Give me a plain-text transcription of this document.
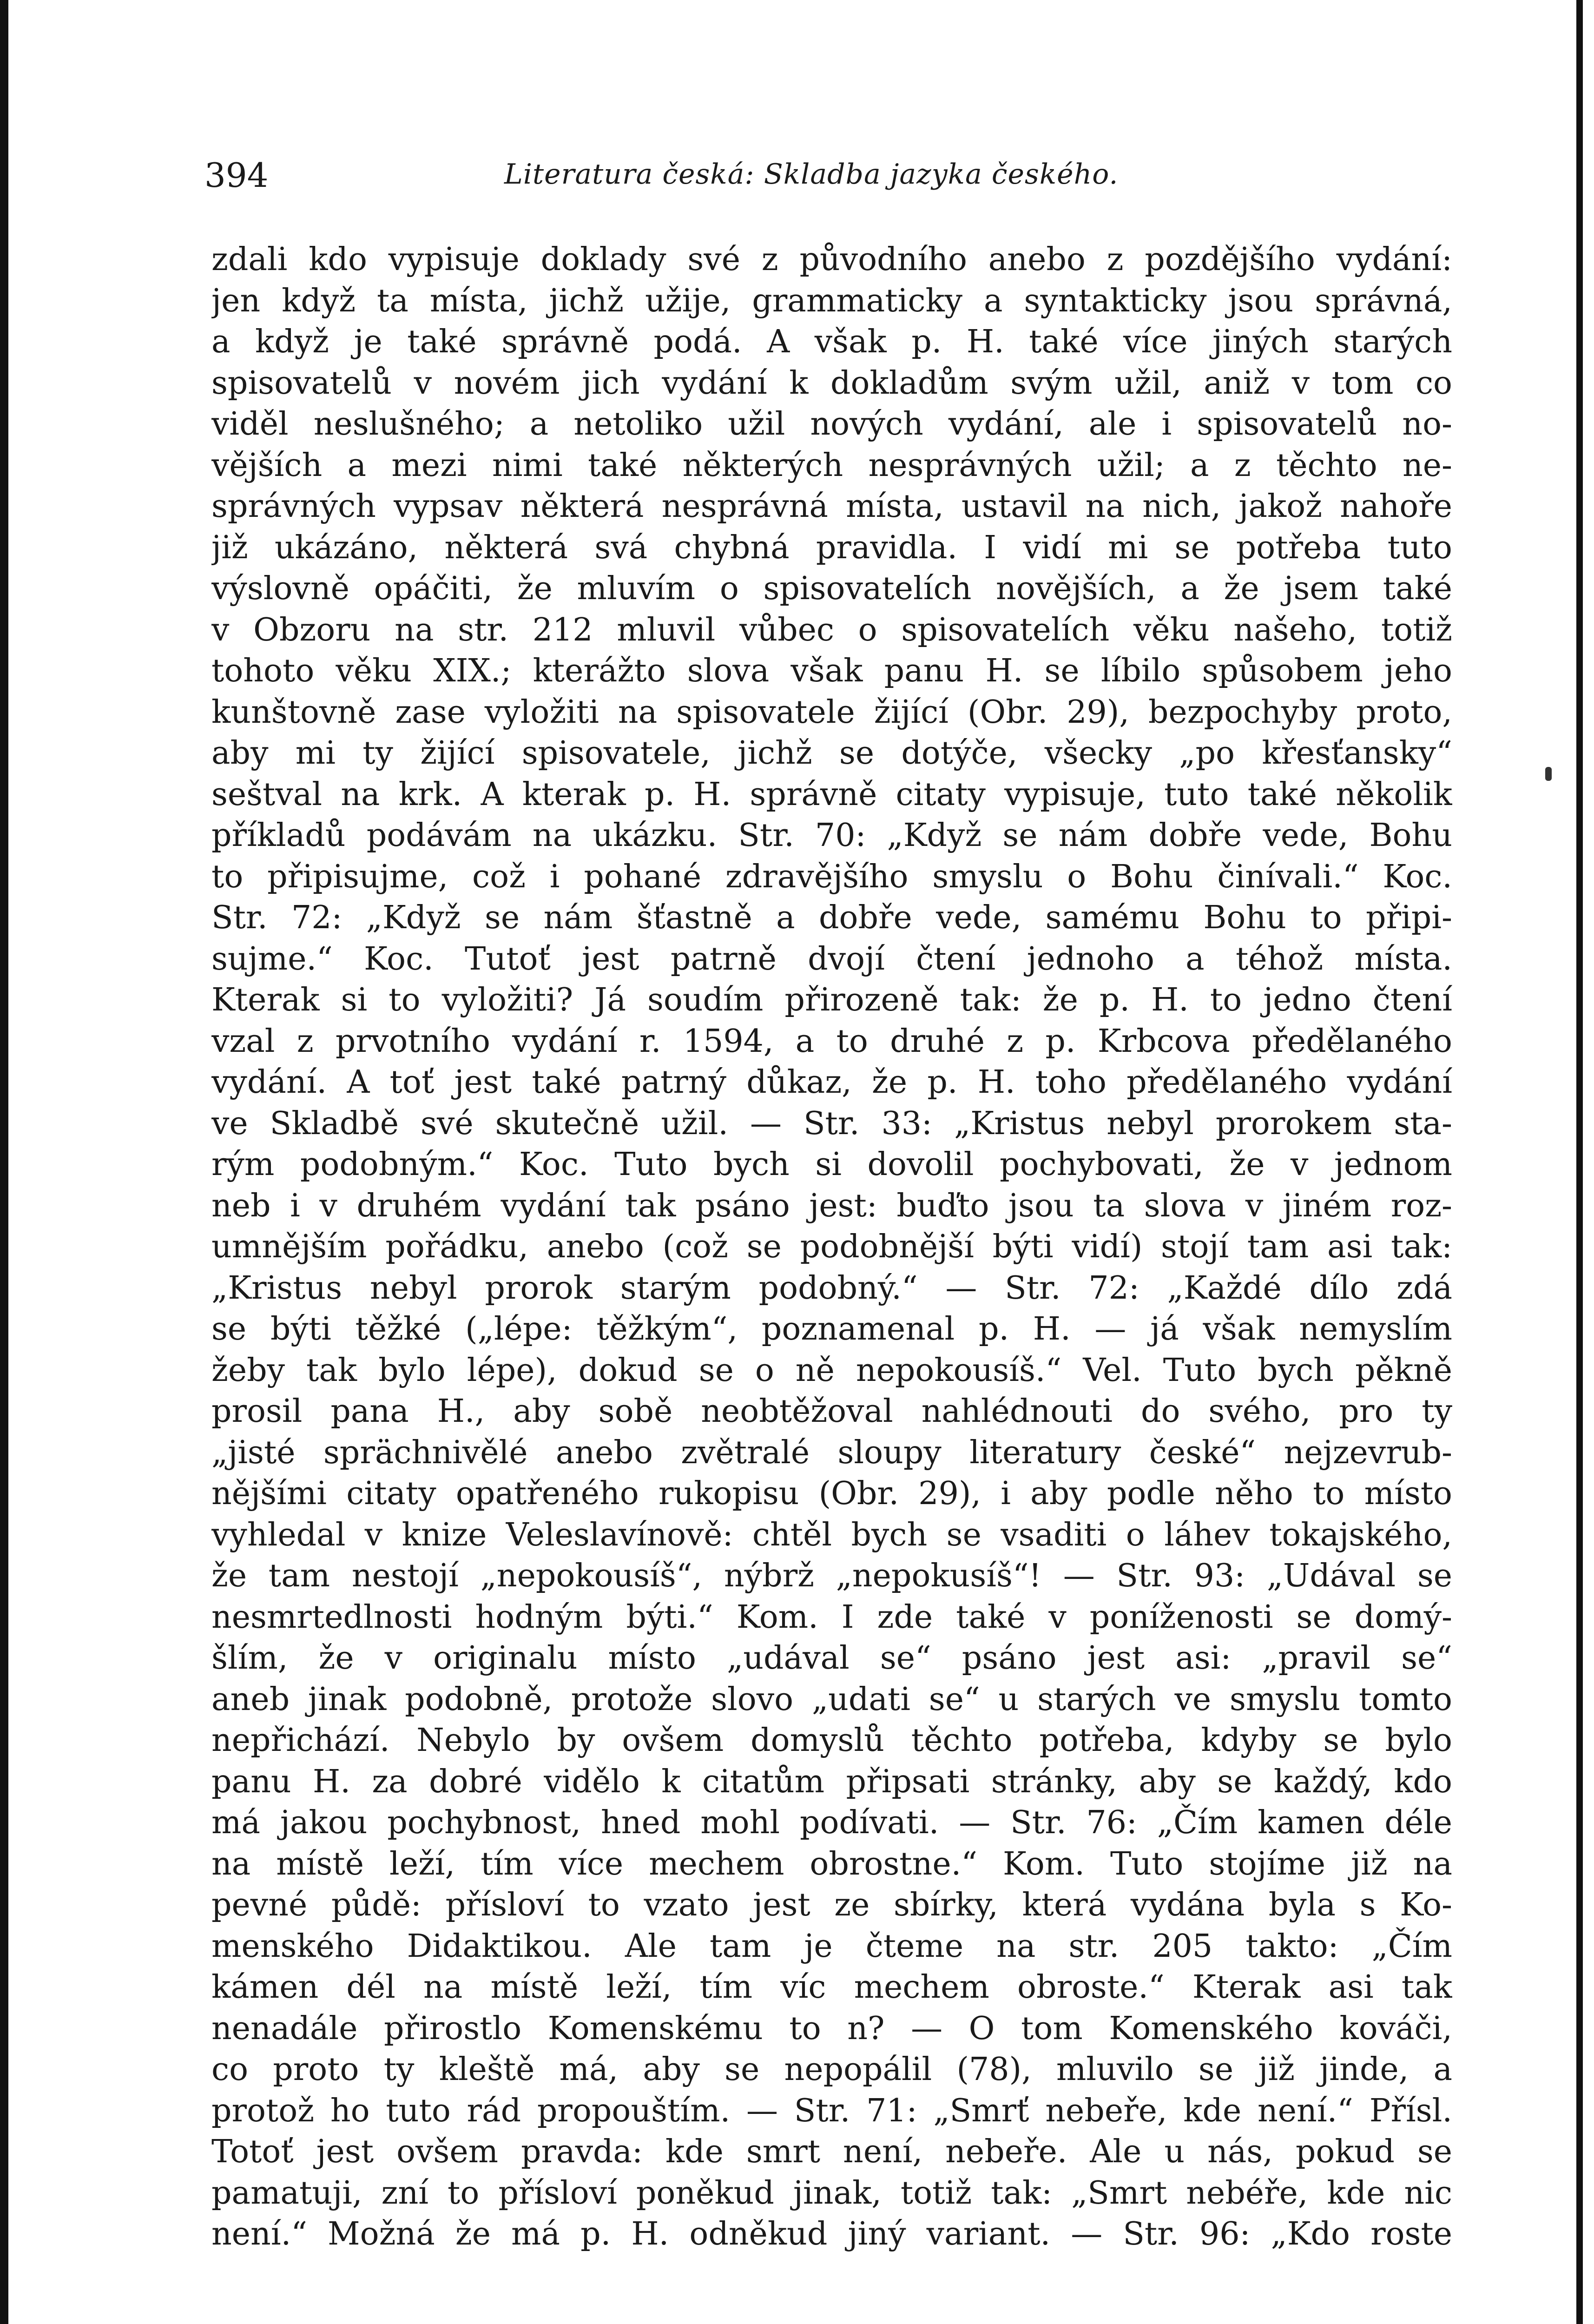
394	Literatura česká: Skladba jazyka českého.
zdali kdo vypisuje doklady své z původního anebo z pozdějšího vydání:
jen když ta místa, jichž užije, grammaticky a syntakticky jsou správná,
a když je také správně podá. A však p. H. také více jiných starých
spisovatelů v novém jich vydání k dokladům svým užil, aniž v tom co
viděl neslušného; a netoliko užil nových vydání, ale i spisovatelů no-
vějších a mezi nimi také některých nesprávných užil; a z těchto ne-
správných vypsav některá nesprávná místa, ustavil na nich, jakož nahoře
již ukázáno, některá svá chybná pravidla. I vidí mi se potřeba tuto
výslovně opáčiti, že mluvím o spisovatelích novějších, a že jsem také
v Obzoru na str. 212 mluvil vůbec o spisovatelích věku našeho, totiž
tohoto věku XIX.; kterážto slova však panu H. se líbilo spůsobem jeho
kunštovně zase vyložiti na spisovatele žijící (Obr. 29), bezpochyby proto,
aby mi ty žijící spisovatele, jichž se dotýče, všecky „po křesťansky“
seštval na krk. A kterak p. H. správně citaty vypisuje, tuto také několik
příkladů podávám na ukázku. Str. 70: „Když se nám dobře vede, Bohu
to připisujme, což i pohané zdravějšího smyslu o Bohu činívali.“ Koc.
Str. 72: „Když se nám šťastně a dobře vede, samému Bohu to připi-
sujme.“ Koc. Tutoť jest patrně dvojí čtení jednoho a téhož místa.
Kterak si to vyložiti? Já soudím přirozeně tak: že p. H. to jedno čtení
vzal z prvotního vydání r. 1594, a to druhé z p. Krbcova předělaného
vydání. A toť jest také patrný důkaz, že p. H. toho předělaného vydání
ve Skladbě své skutečně užil. — Str. 33: „Kristus nebyl prorokem sta-
rým podobným.“ Koc. Tuto bych si dovolil pochybovati, že v jednom
neb i v druhém vydání tak psáno jest: buďto jsou ta slova v jiném roz-
umnějším pořádku, anebo (což se podobnější býti vidí) stojí tam asi tak:
„Kristus nebyl prorok starým podobný.“ — Str. 72: „Každé dílo zdá
se býti těžké („lépe: těžkým“, poznamenal p. H. — já však nemyslím
žeby tak bylo lépe), dokud se o ně nepokousíš.“ Vel. Tuto bych pěkně
prosil pana H., aby sobě neobtěžoval nahlédnouti do svého, pro ty
„jisté sprächnivělé anebo zvětralé sloupy literatury české“ nejzevrub-
nějšími citaty opatřeného rukopisu (Obr. 29), i aby podle něho to místo
vyhledal v knize Veleslavínově: chtěl bych se vsaditi o láhev tokajského,
že tam nestojí „nepokousíš“, nýbrž „nepokusíš“! — Str. 93: „Udával se
nesmrtedlnosti hodným býti.“ Kom. I zde také v poníženosti se domý-
šlím, že v originalu místo „udával se“ psáno jest asi: „pravil se“
aneb jinak podobně, protože slovo „udati se“ u starých ve smyslu tomto
nepřichází. Nebylo by ovšem domyslů těchto potřeba, kdyby se bylo
panu H. za dobré vidělo k citatům připsati stránky, aby se každý, kdo
má jakou pochybnost, hned mohl podívati. — Str. 76: „Čím kamen déle
na místě leží, tím více mechem obrostne.“ Kom. Tuto stojíme již na
pevné půdě: přísloví to vzato jest ze sbírky, která vydána byla s Ko-
menského Didaktikou. Ale tam je čteme na str. 205 takto: „Čím
kámen dél na místě leží, tím víc mechem obroste.“ Kterak asi tak
nenadále přirostlo Komenskému to n? — O tom Komenského kováči,
co proto ty kleště má, aby se nepopálil (78), mluvilo se již jinde, a
protož ho tuto rád propouštím. — Str. 71: „Smrť nebeře, kde není.“ Přísl.
Totoť jest ovšem pravda: kde smrt není, nebeře. Ale u nás, pokud se
pamatuji, zní to přísloví poněkud jinak, totiž tak: „Smrt nebéře, kde nic
není.“ Možná že má p. H. odněkud jiný variant. — Str. 96: „Kdo roste
